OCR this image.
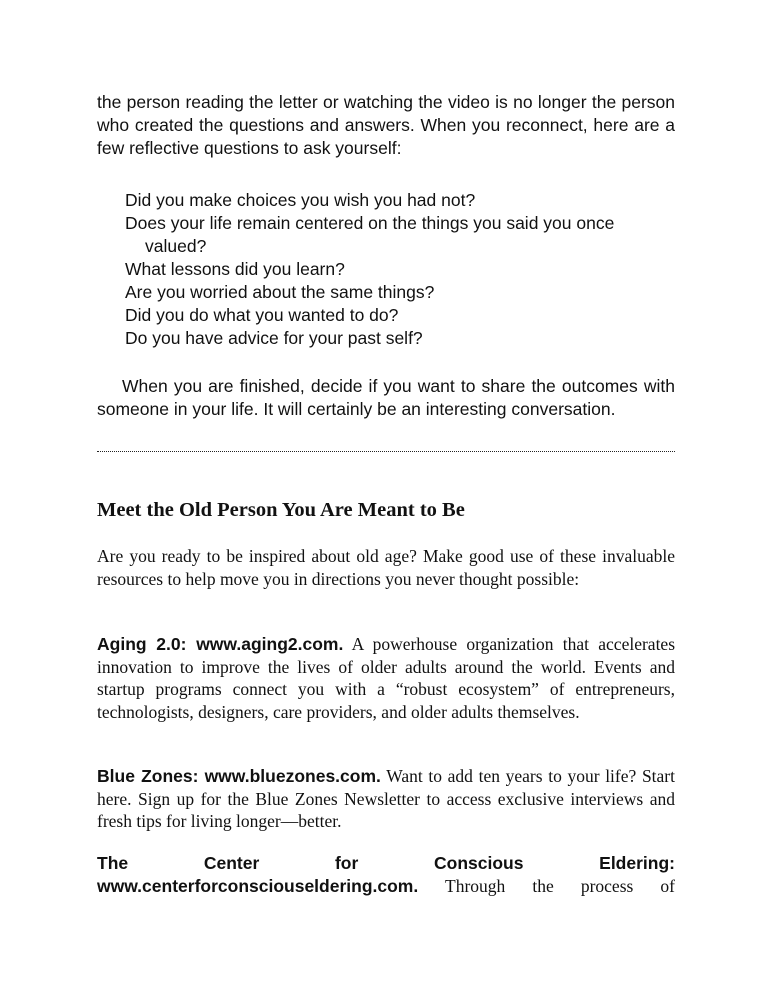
the person reading the letter or watching the video is no longer the person who created the questions and answers. When you reconnect, here are a few reflective questions to ask yourself:

Did you make choices you wish you had not?
Does your life remain centered on the things you said you once valued?
What lessons did you learn?
Are you worried about the same things?
Did you do what you wanted to do?
Do you have advice for your past self?

When you are finished, decide if you want to share the outcomes with someone in your life. It will certainly be an interesting conversation.

Meet the Old Person You Are Meant to Be

Are you ready to be inspired about old age? Make good use of these invaluable resources to help move you in directions you never thought possible:

Aging 2.0: www.aging2.com. A powerhouse organization that accelerates innovation to improve the lives of older adults around the world. Events and startup programs connect you with a “robust ecosystem” of entrepreneurs, technologists, designers, care providers, and older adults themselves.

Blue Zones: www.bluezones.com. Want to add ten years to your life? Start here. Sign up for the Blue Zones Newsletter to access exclusive interviews and fresh tips for living longer—better.

The Center for Conscious Eldering: www.centerforconsciouseldering.com. Through the process of
